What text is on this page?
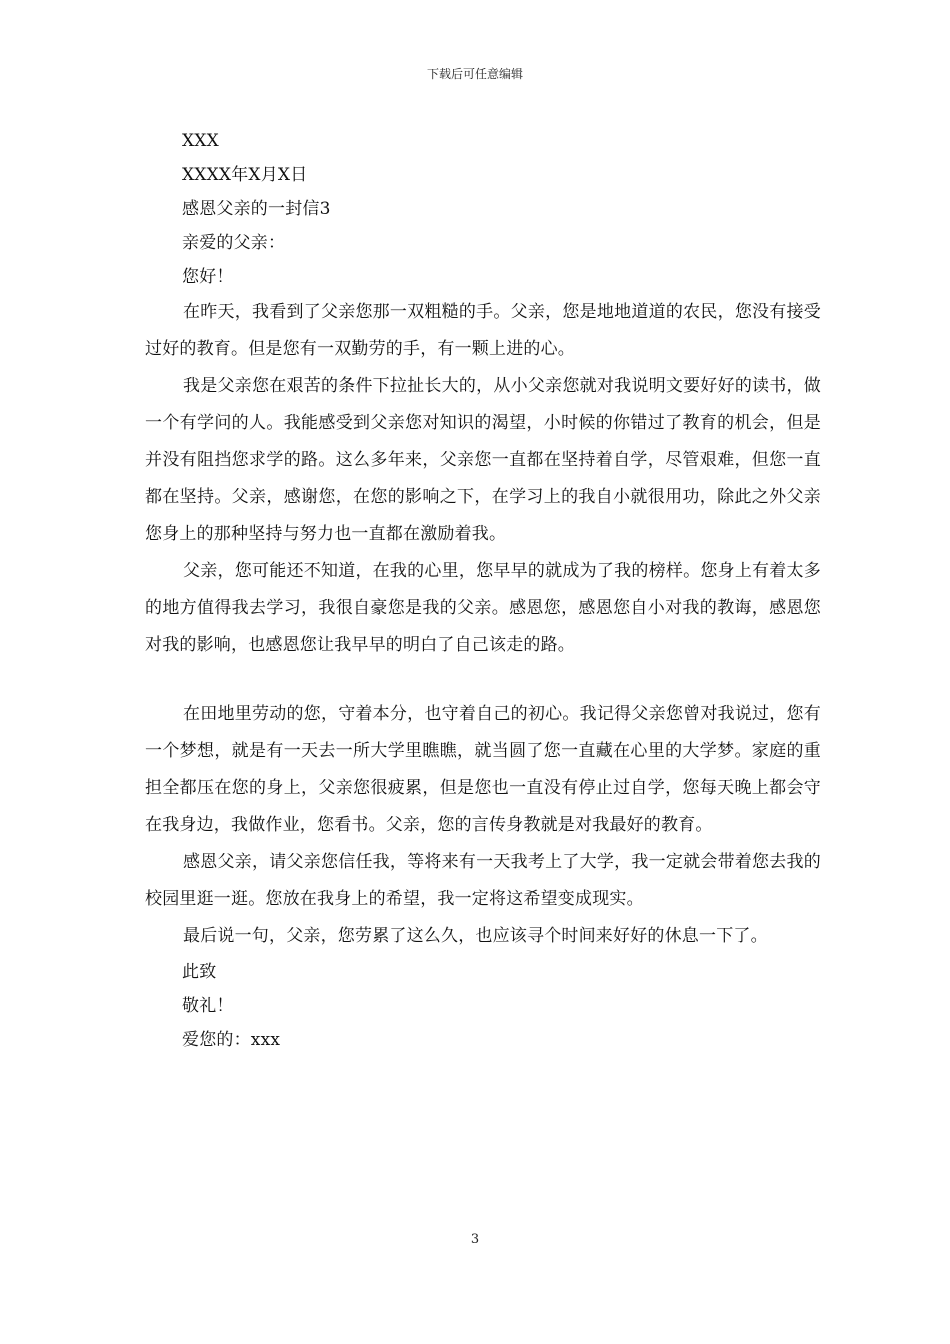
下载后可任意编辑
XXX
XXXX年X月X日
感恩父亲的一封信3
亲爱的父亲：
您好！

在昨天，我看到了父亲您那一双粗糙的手。父亲，您是地地道道的农民，您没有接受过好的教育。但是您有一双勤劳的手，有一颗上进的心。

我是父亲您在艰苦的条件下拉扯长大的，从小父亲您就对我说明文要好好的读书，做一个有学问的人。我能感受到父亲您对知识的渴望，小时候的你错过了教育的机会，但是并没有阻挡您求学的路。这么多年来，父亲您一直都在坚持着自学，尽管艰难，但您一直都在坚持。父亲，感谢您，在您的影响之下，在学习上的我自小就很用功，除此之外父亲您身上的那种坚持与努力也一直都在激励着我。

父亲，您可能还不知道，在我的心里，您早早的就成为了我的榜样。您身上有着太多的地方值得我去学习，我很自豪您是我的父亲。感恩您，感恩您自小对我的教诲，感恩您对我的影响，也感恩您让我早早的明白了自己该走的路。

在田地里劳动的您，守着本分，也守着自己的初心。我记得父亲您曾对我说过，您有一个梦想，就是有一天去一所大学里瞧瞧，就当圆了您一直藏在心里的大学梦。家庭的重担全都压在您的身上，父亲您很疲累，但是您也一直没有停止过自学，您每天晚上都会守在我身边，我做作业，您看书。父亲，您的言传身教就是对我最好的教育。

感恩父亲，请父亲您信任我，等将来有一天我考上了大学，我一定就会带着您去我的校园里逛一逛。您放在我身上的希望，我一定将这希望变成现实。

最后说一句，父亲，您劳累了这么久，也应该寻个时间来好好的休息一下了。

此致
敬礼！
爱您的：xxx
3
